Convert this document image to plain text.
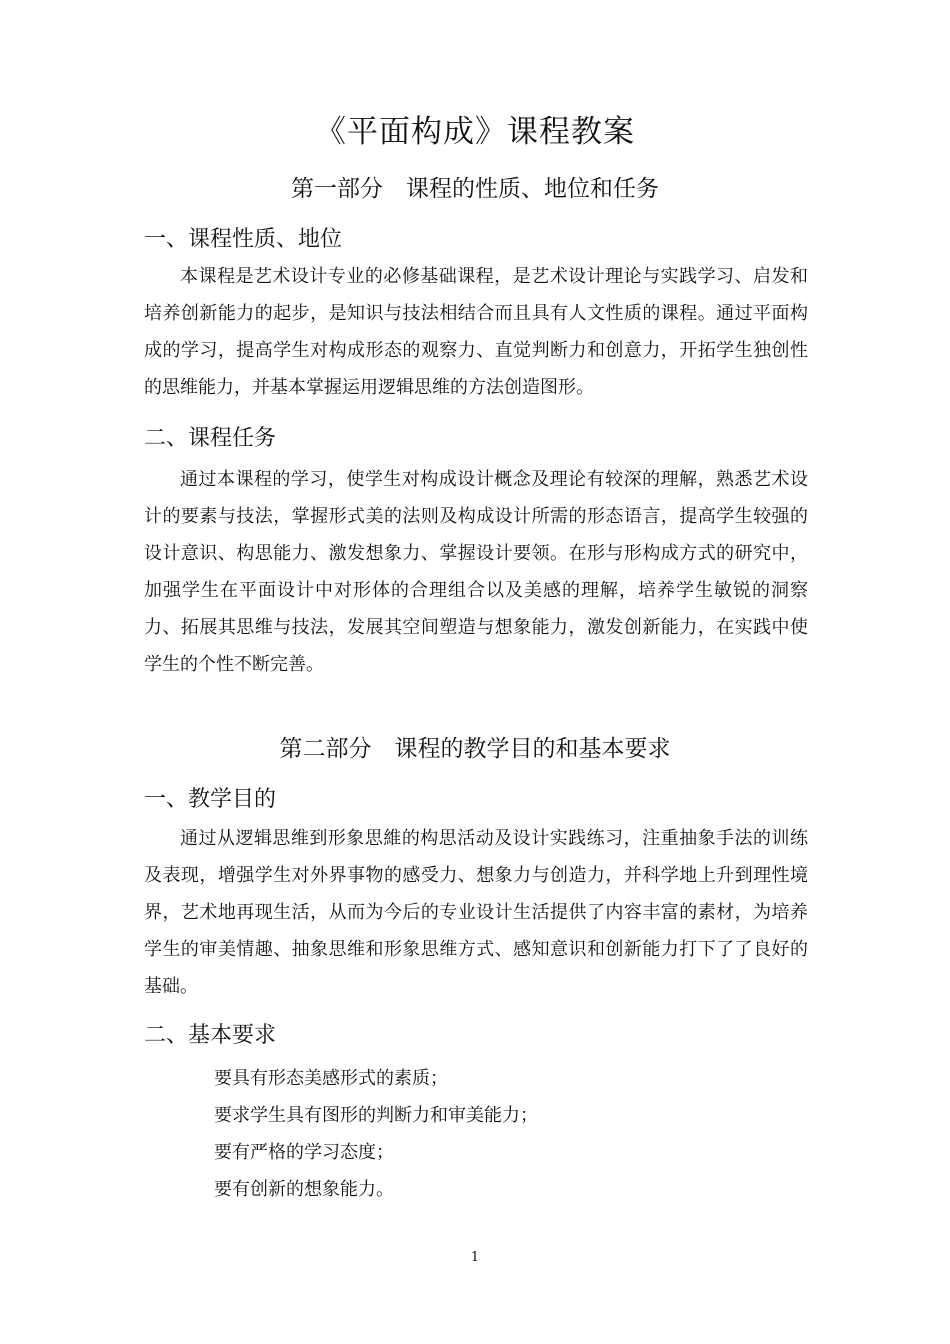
《平面构成》课程教案
第一部分　课程的性质、地位和任务
一、课程性质、地位

本课程是艺术设计专业的必修基础课程，是艺术设计理论与实践学习、启发和培养创新能力的起步，是知识与技法相结合而且具有人文性质的课程。通过平面构成的学习，提高学生对构成形态的观察力、直觉判断力和创意力，开拓学生独创性的思维能力，并基本掌握运用逻辑思维的方法创造图形。

二、课程任务

通过本课程的学习，使学生对构成设计概念及理论有较深的理解，熟悉艺术设计的要素与技法，掌握形式美的法则及构成设计所需的形态语言，提高学生较强的设计意识、构思能力、激发想象力、掌握设计要领。在形与形构成方式的研究中，加强学生在平面设计中对形体的合理组合以及美感的理解，培养学生敏锐的洞察力、拓展其思维与技法，发展其空间塑造与想象能力，激发创新能力，在实践中使学生的个性不断完善。

第二部分　课程的教学目的和基本要求
一、教学目的

通过从逻辑思维到形象思維的构思活动及设计实践练习，注重抽象手法的训练及表现，增强学生对外界事物的感受力、想象力与创造力，并科学地上升到理性境界，艺术地再现生活，从而为今后的专业设计生活提供了内容丰富的素材，为培养学生的审美情趣、抽象思维和形象思维方式、感知意识和创新能力打下了了良好的基础。

二、基本要求
要具有形态美感形式的素质；
要求学生具有图形的判断力和审美能力；
要有严格的学习态度；
要有创新的想象能力。
1
